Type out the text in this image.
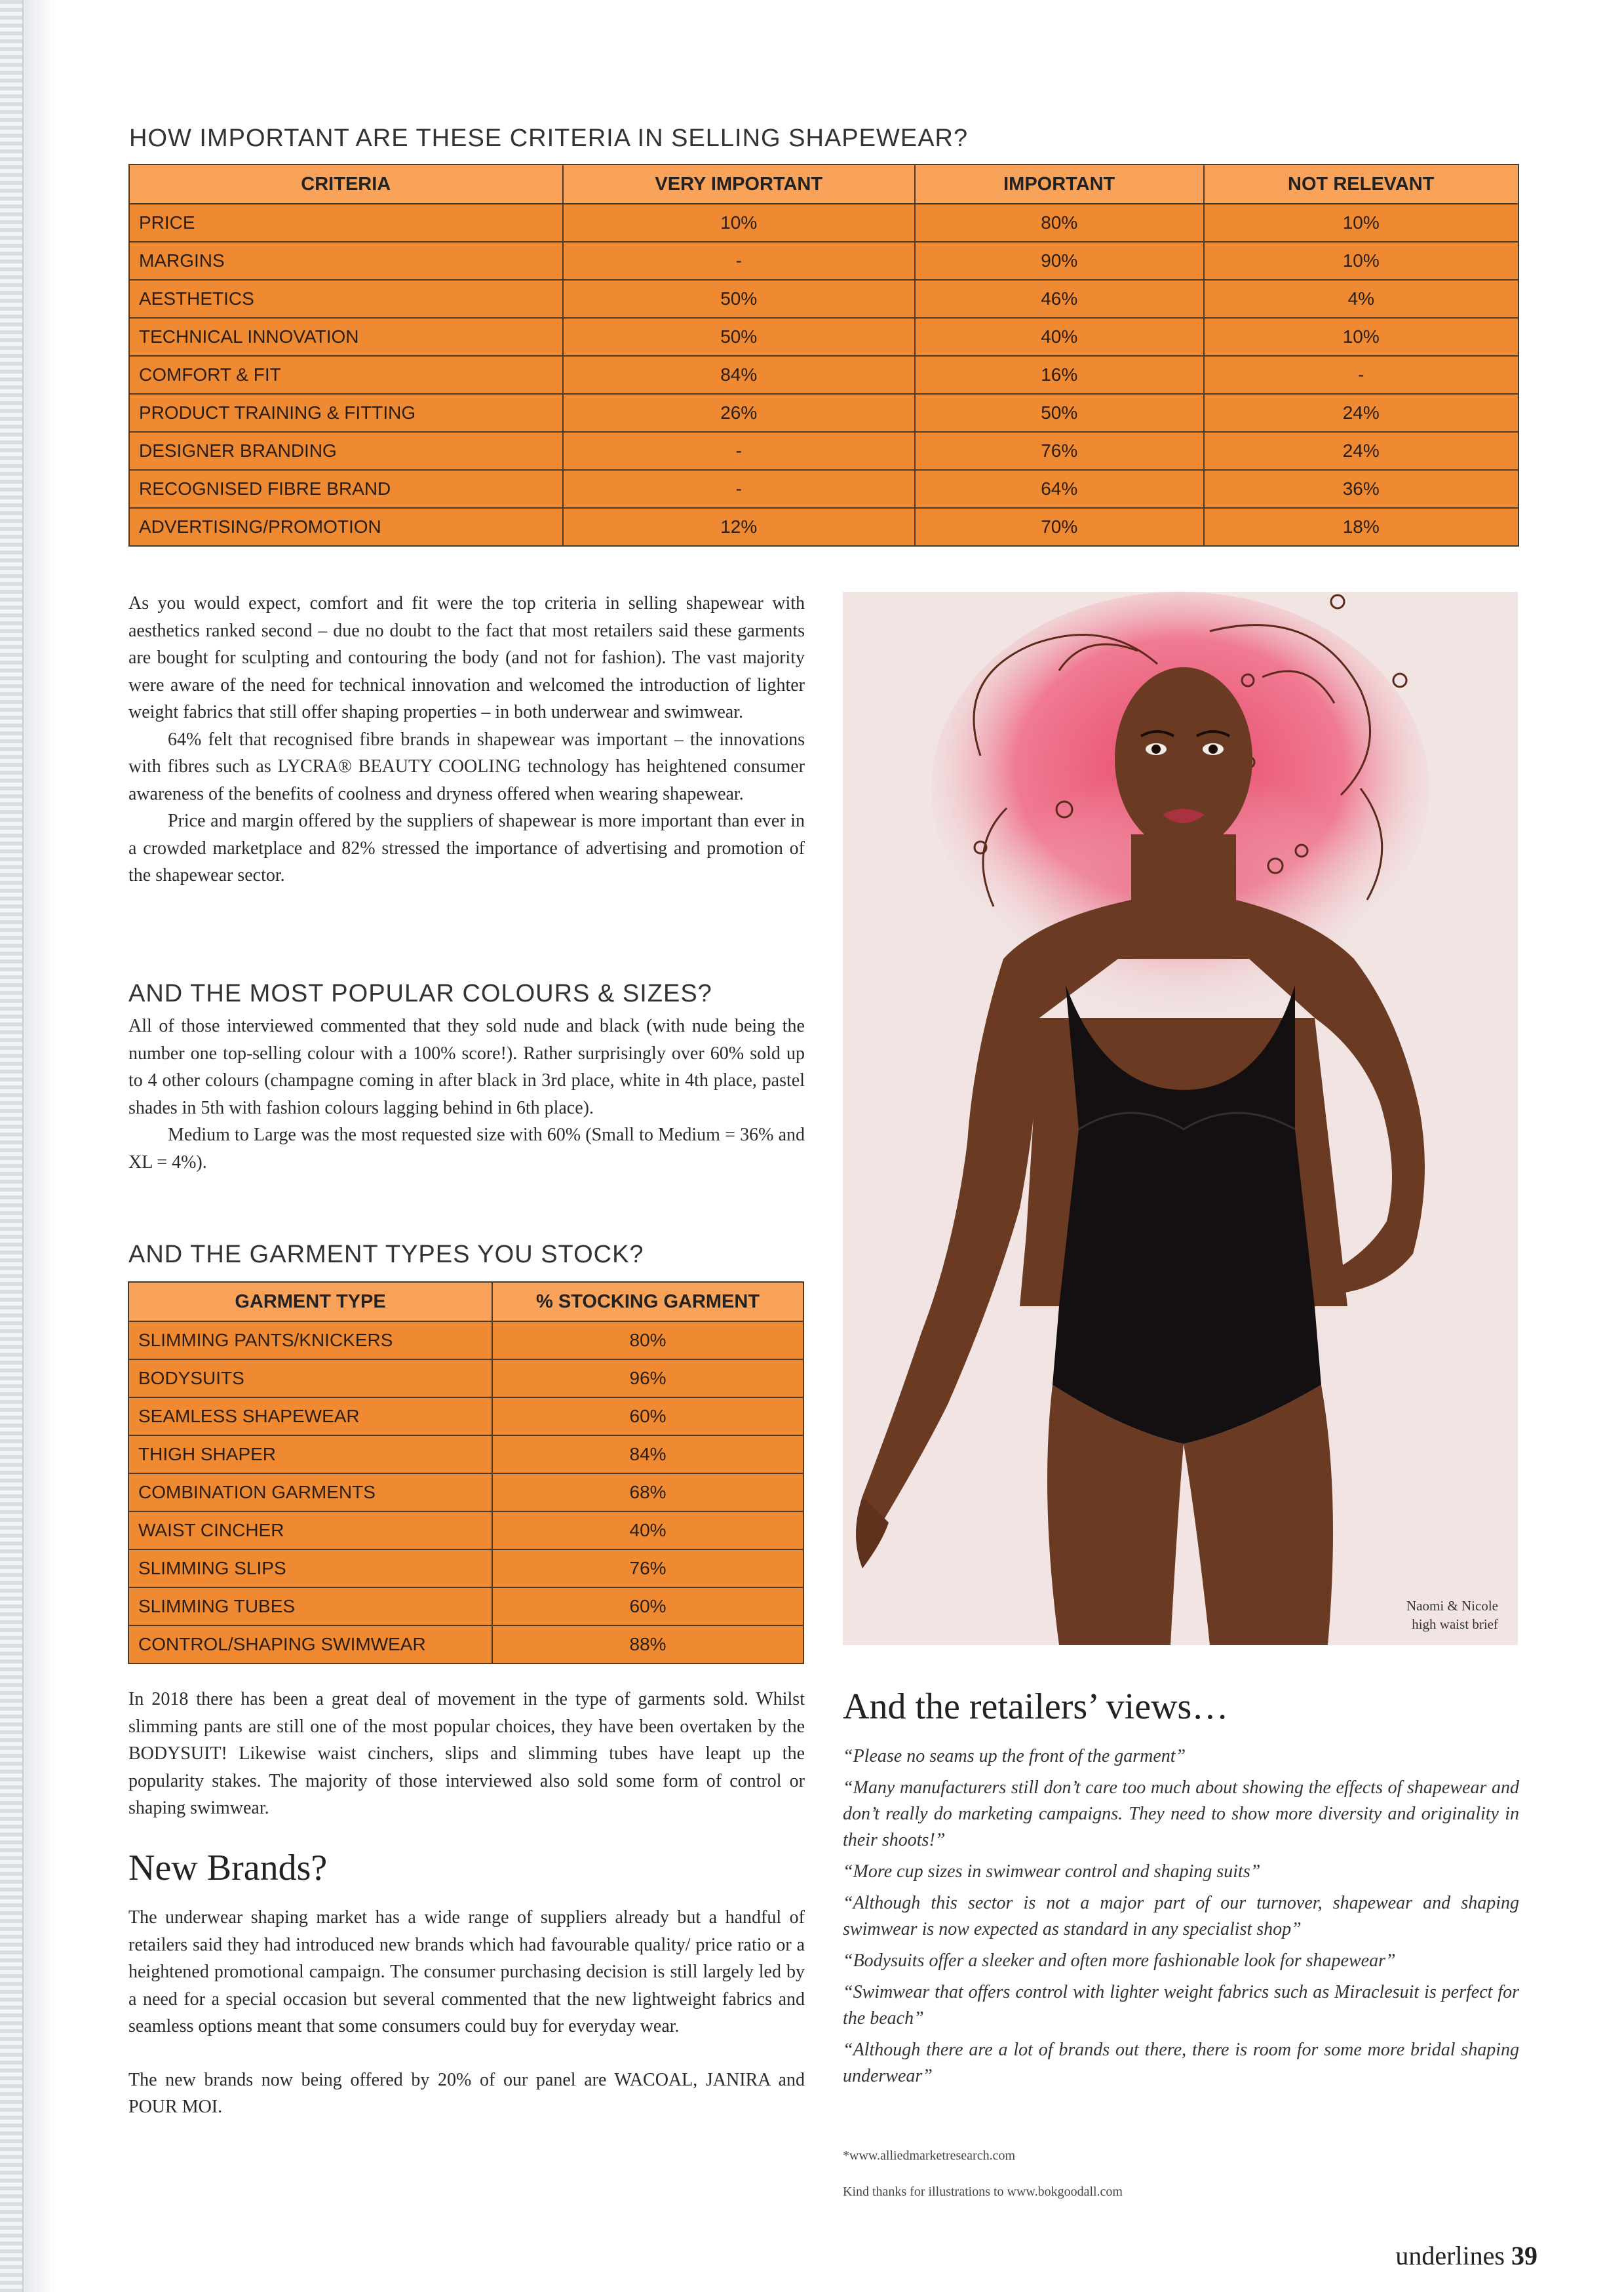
HOW IMPORTANT ARE THESE CRITERIA IN SELLING SHAPEWEAR?
CRITERIA	VERY IMPORTANT	IMPORTANT	NOT RELEVANT
PRICE	10%	80%	10%
MARGINS	-	90%	10%
AESTHETICS	50%	46%	4%
TECHNICAL INNOVATION	50%	40%	10%
COMFORT & FIT	84%	16%	-
PRODUCT TRAINING & FITTING	26%	50%	24%
DESIGNER BRANDING	-	76%	24%
RECOGNISED FIBRE BRAND	-	64%	36%
ADVERTISING/PROMOTION	12%	70%	18%

As you would expect, comfort and fit were the top criteria in selling shapewear with aesthetics ranked second – due no doubt to the fact that most retailers said these garments are bought for sculpting and contouring the body (and not for fashion). The vast majority were aware of the need for technical innovation and welcomed the introduction of lighter weight fabrics that still offer shaping properties – in both underwear and swimwear.

64% felt that recognised fibre brands in shapewear was important – the innovations with fibres such as LYCRA® BEAUTY COOLING technology has heightened consumer awareness of the benefits of coolness and dryness offered when wearing shapewear.

Price and margin offered by the suppliers of shapewear is more important than ever in a crowded marketplace and 82% stressed the importance of advertising and promotion of the shapewear sector.

AND THE MOST POPULAR COLOURS & SIZES?

All of those interviewed commented that they sold nude and black (with nude being the number one top-selling colour with a 100% score!). Rather surprisingly over 60% sold up to 4 other colours (champagne coming in after black in 3rd place, white in 4th place, pastel shades in 5th with fashion colours lagging behind in 6th place).

Medium to Large was the most requested size with 60% (Small to Medium = 36% and XL = 4%).

AND THE GARMENT TYPES YOU STOCK?
GARMENT TYPE	% STOCKING GARMENT
SLIMMING PANTS/KNICKERS	80%
BODYSUITS	96%
SEAMLESS SHAPEWEAR	60%
THIGH SHAPER	84%
COMBINATION GARMENTS	68%
WAIST CINCHER	40%
SLIMMING SLIPS	76%
SLIMMING TUBES	60%
CONTROL/SHAPING SWIMWEAR	88%

In 2018 there has been a great deal of movement in the type of garments sold. Whilst slimming pants are still one of the most popular choices, they have been overtaken by the BODYSUIT! Likewise waist cinchers, slips and slimming tubes have leapt up the popularity stakes. The majority of those interviewed also sold some form of control or shaping swimwear.

New Brands?

The underwear shaping market has a wide range of suppliers already but a handful of retailers said they had introduced new brands which had favourable quality/ price ratio or a heightened promotional campaign. The consumer purchasing decision is still largely led by a need for a special occasion but several commented that the new lightweight fabrics and seamless options meant that some consumers could buy for everyday wear.

The new brands now being offered by 20% of our panel are WACOAL, JANIRA and POUR MOI.

Naomi & Nicole
high waist brief
And the retailers’ views…

“Please no seams up the front of the garment”

“Many manufacturers still don’t care too much about showing the effects of shapewear and don’t really do marketing campaigns. They need to show more diversity and originality in their shoots!”

“More cup sizes in swimwear control and shaping suits”

“Although this sector is not a major part of our turnover, shapewear and shaping swimwear is now expected as standard in any specialist shop”

“Bodysuits offer a sleeker and often more fashionable look for shapewear”

“Swimwear that offers control with lighter weight fabrics such as Miraclesuit is perfect for the beach”

“Although there are a lot of brands out there, there is room for some more bridal shaping underwear”

*www.alliedmarketresearch.com
Kind thanks for illustrations to www.bokgoodall.com
underlines 39
